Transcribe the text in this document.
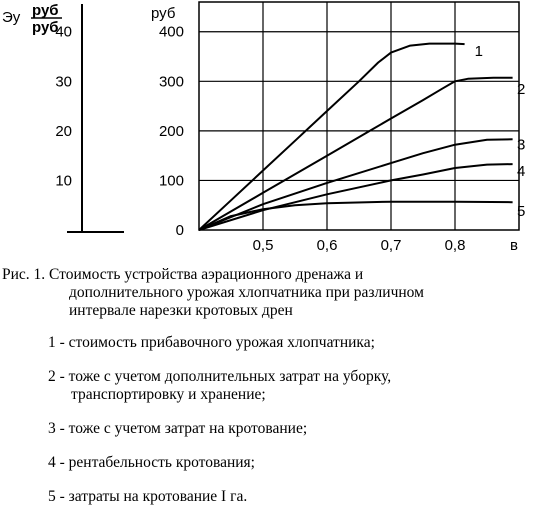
Эу руб
руб
40
30
20
10
руб
400
300
200
100
0
0,5	0,6	0,7	0,8	в
1
2
3
4
5
Рис. 1. Стоимость устройства аэрационного дренажа и
дополнительного урожая хлопчатника при различном
интервале нарезки кротовых дрен
1 - стоимость прибавочного урожая хлопчатника;
2 - тоже с учетом дополнительных затрат на уборку,
транспортировку и хранение;
3 - тоже с учетом затрат на кротование;
4 - рентабельность кротования;
5 - затраты на кротование I га.
